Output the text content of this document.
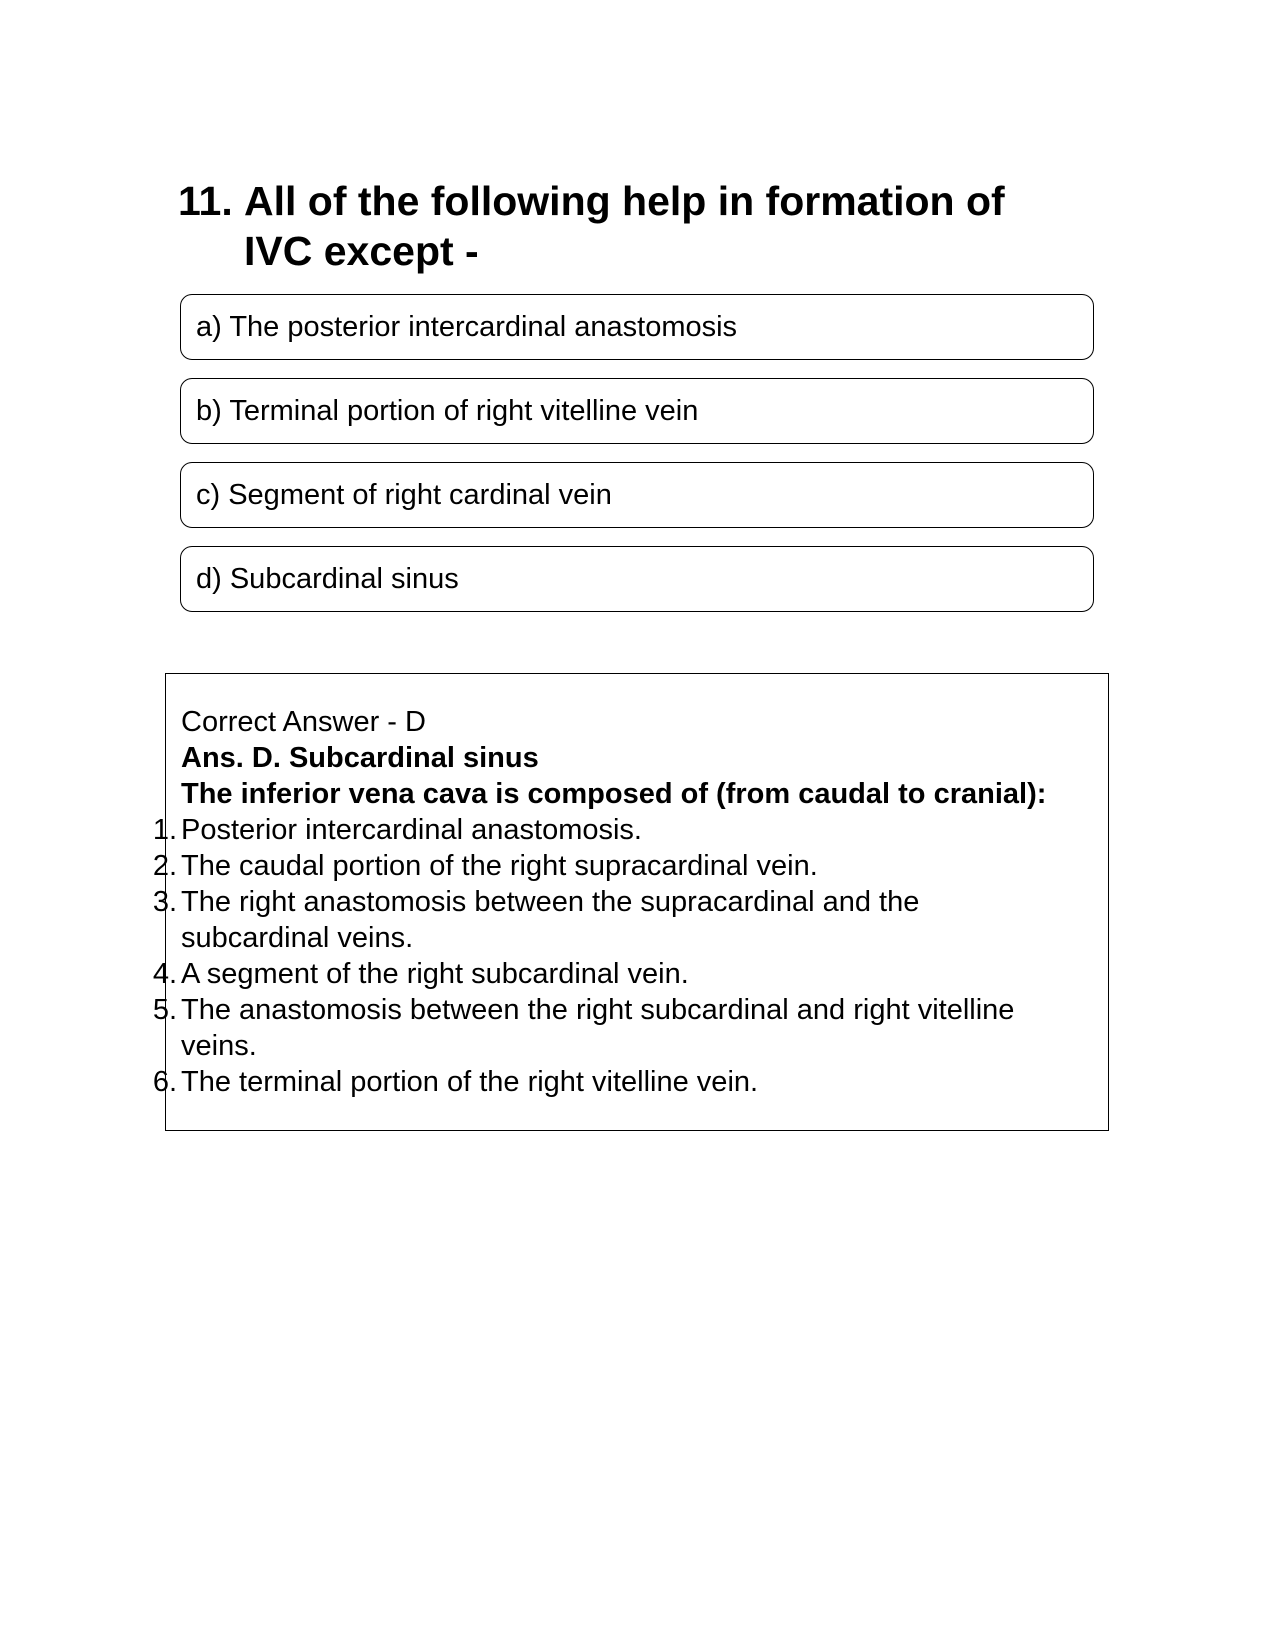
11. All of the following help in formation of IVC except -
a) The posterior intercardinal anastomosis
b) Terminal portion of right vitelline vein
c) Segment of right cardinal vein
d) Subcardinal sinus
Correct Answer - D
Ans. D. Subcardinal sinus
The inferior vena cava is composed of (from caudal to cranial):
1. Posterior intercardinal anastomosis.
2. The caudal portion of the right supracardinal vein.
3. The right anastomosis between the supracardinal and the subcardinal veins.
4. A segment of the right subcardinal vein.
5. The anastomosis between the right subcardinal and right vitelline veins.
6. The terminal portion of the right vitelline vein.
